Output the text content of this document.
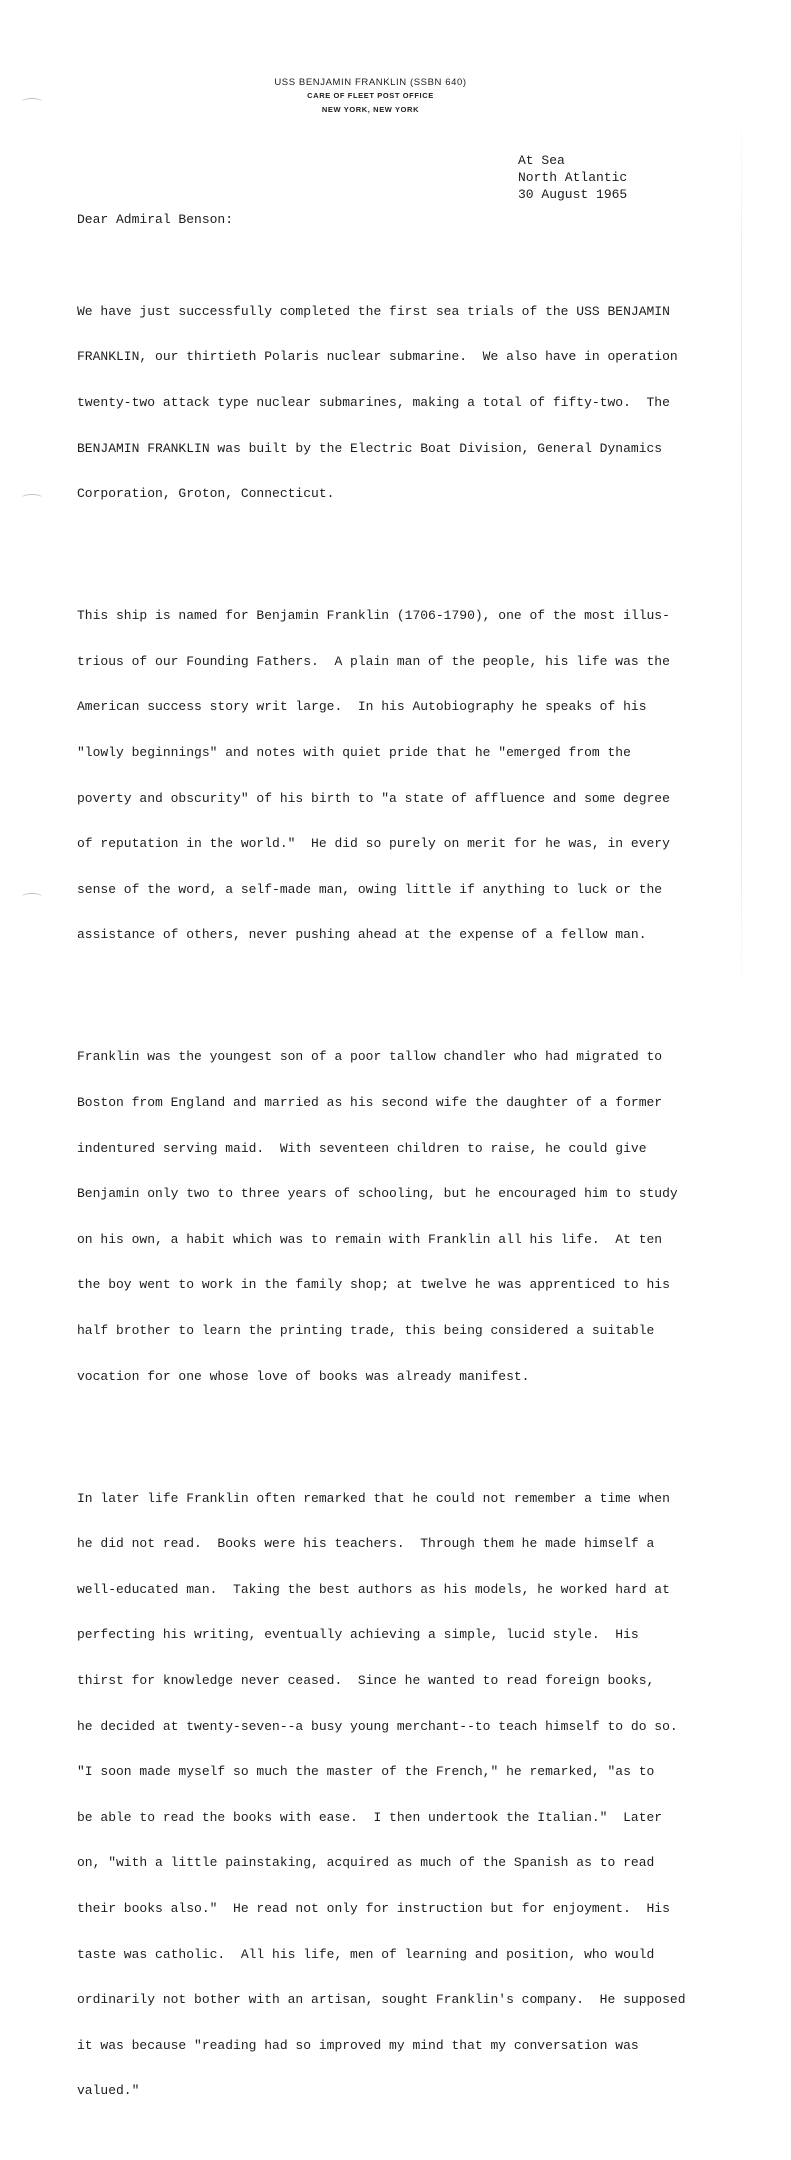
USS BENJAMIN FRANKLIN (SSBN 640)
CARE OF FLEET POST OFFICE
NEW YORK, NEW YORK
At Sea
North Atlantic
30 August 1965
Dear Admiral Benson:

We have just successfully completed the first sea trials of the USS BENJAMIN

FRANKLIN, our thirtieth Polaris nuclear submarine.  We also have in operation

twenty-two attack type nuclear submarines, making a total of fifty-two.  The

BENJAMIN FRANKLIN was built by the Electric Boat Division, General Dynamics

Corporation, Groton, Connecticut.

This ship is named for Benjamin Franklin (1706-1790), one of the most illus-

trious of our Founding Fathers.  A plain man of the people, his life was the

American success story writ large.  In his Autobiography he speaks of his

"lowly beginnings" and notes with quiet pride that he "emerged from the

poverty and obscurity" of his birth to "a state of affluence and some degree

of reputation in the world."  He did so purely on merit for he was, in every

sense of the word, a self-made man, owing little if anything to luck or the

assistance of others, never pushing ahead at the expense of a fellow man.

Franklin was the youngest son of a poor tallow chandler who had migrated to

Boston from England and married as his second wife the daughter of a former

indentured serving maid.  With seventeen children to raise, he could give

Benjamin only two to three years of schooling, but he encouraged him to study

on his own, a habit which was to remain with Franklin all his life.  At ten

the boy went to work in the family shop; at twelve he was apprenticed to his

half brother to learn the printing trade, this being considered a suitable

vocation for one whose love of books was already manifest.

In later life Franklin often remarked that he could not remember a time when

he did not read.  Books were his teachers.  Through them he made himself a

well-educated man.  Taking the best authors as his models, he worked hard at

perfecting his writing, eventually achieving a simple, lucid style.  His

thirst for knowledge never ceased.  Since he wanted to read foreign books,

he decided at twenty-seven--a busy young merchant--to teach himself to do so.

"I soon made myself so much the master of the French," he remarked, "as to

be able to read the books with ease.  I then undertook the Italian."  Later

on, "with a little painstaking, acquired as much of the Spanish as to read

their books also."  He read not only for instruction but for enjoyment.  His

taste was catholic.  All his life, men of learning and position, who would

ordinarily not bother with an artisan, sought Franklin's company.  He supposed

it was because "reading had so improved my mind that my conversation was

valued."
